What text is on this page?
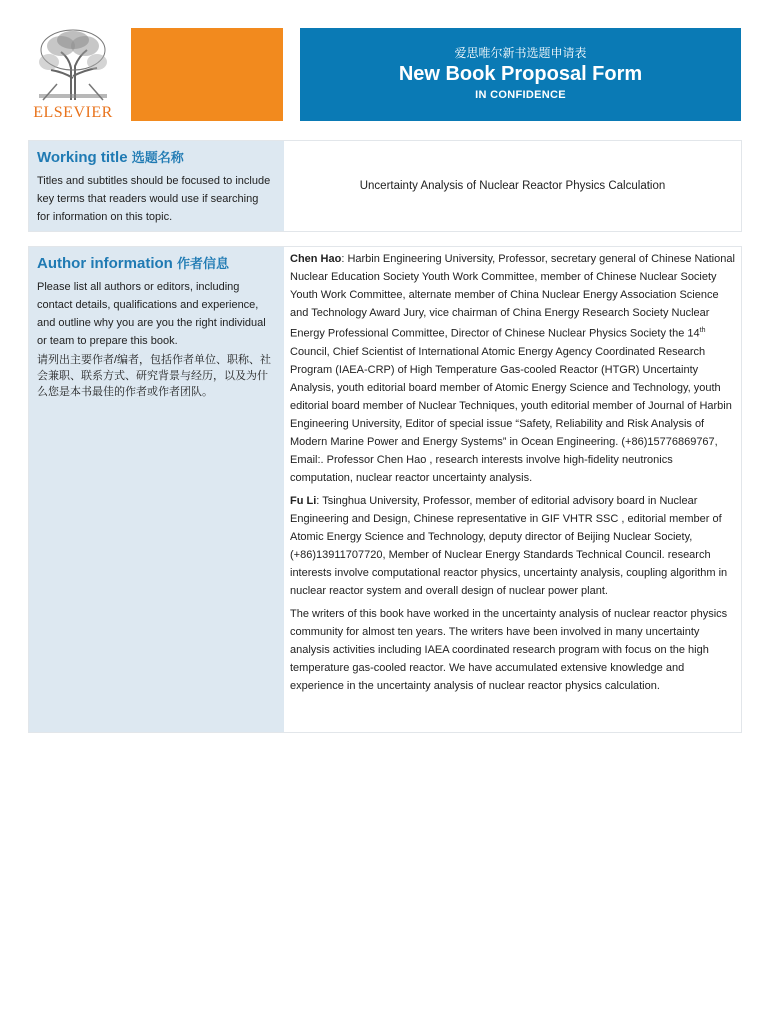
ELSEVIER
爱思唯尔新书选题申请表
New Book Proposal Form
IN CONFIDENCE
Working title 选题名称
Titles and subtitles should be focused to include key terms that readers would use if searching for information on this topic.
Uncertainty Analysis of Nuclear Reactor Physics Calculation
Author information 作者信息
Please list all authors or editors, including contact details, qualifications and experience, and outline why you are you the right individual or team to prepare this book.
请列出主要作者/编者，包括作者单位、职称、社会兼职、联系方式、研究背景与经历，以及为什么您是本书最佳的作者或作者团队。

Chen Hao: Harbin Engineering University, Professor, secretary general of Chinese National Nuclear Education Society Youth Work Committee, member of Chinese Nuclear Society Youth Work Committee, alternate member of China Nuclear Energy Association Science and Technology Award Jury, vice chairman of China Energy Research Society Nuclear Energy Professional Committee, Director of Chinese Nuclear Physics Society the 14th Council, Chief Scientist of International Atomic Energy Agency Coordinated Research Program (IAEA-CRP) of High Temperature Gas-cooled Reactor (HTGR) Uncertainty Analysis, youth editorial board member of Atomic Energy Science and Technology, youth editorial board member of Nuclear Techniques, youth editorial member of Journal of Harbin Engineering University, Editor of special issue “Safety, Reliability and Risk Analysis of Modern Marine Power and Energy Systems” in Ocean Engineering. (+86)15776869767, Email:. Professor Chen Hao , research interests involve high-fidelity neutronics computation, nuclear reactor uncertainty analysis.

Fu Li: Tsinghua University, Professor, member of editorial advisory board in Nuclear Engineering and Design, Chinese representative in GIF VHTR SSC , editorial member of Atomic Energy Science and Technology, deputy director of Beijing Nuclear Society, (+86)13911707720, Member of Nuclear Energy Standards Technical Council. research interests involve computational reactor physics, uncertainty analysis, coupling algorithm in nuclear reactor system and overall design of nuclear power plant.

The writers of this book have worked in the uncertainty analysis of nuclear reactor physics community for almost ten years. The writers have been involved in many uncertainty analysis activities including IAEA coordinated research program with focus on the high temperature gas-cooled reactor. We have accumulated extensive knowledge and experience in the uncertainty analysis of nuclear reactor physics calculation.
